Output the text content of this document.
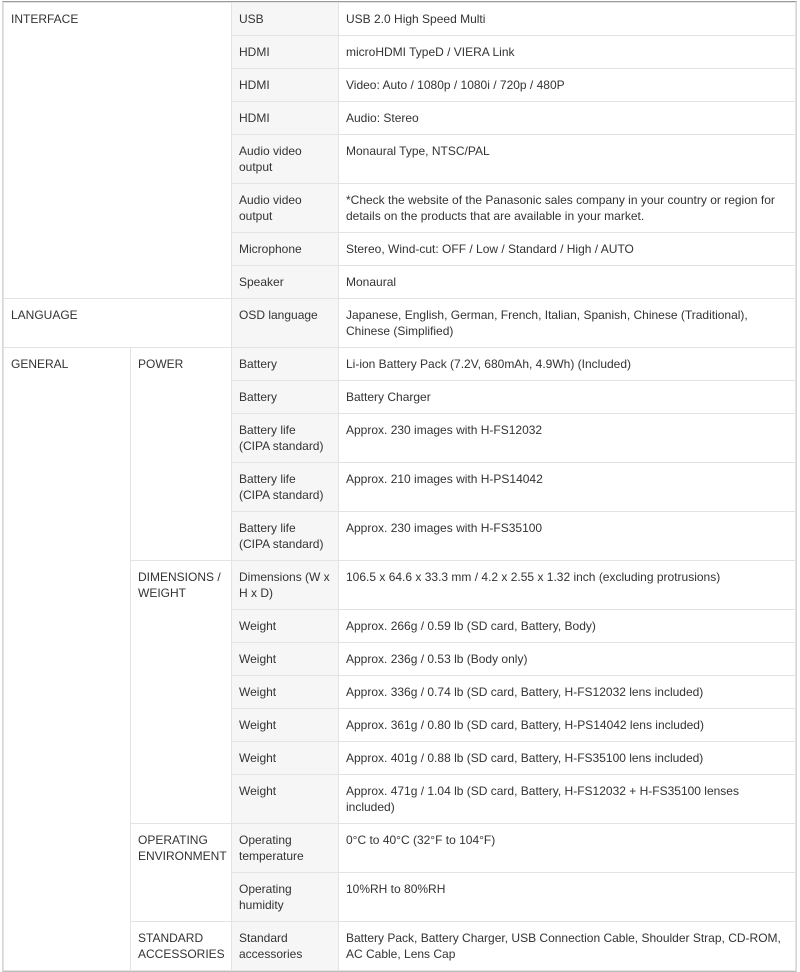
INTERFACE		USB	USB 2.0 High Speed Multi
		HDMI	microHDMI TypeD / VIERA Link
		HDMI	Video: Auto / 1080p / 1080i / 720p / 480P
		HDMI	Audio: Stereo
		Audio video output	Monaural Type, NTSC/PAL
		Audio video output	*Check the website of the Panasonic sales company in your country or region for details on the products that are available in your market.
		Microphone	Stereo, Wind-cut: OFF / Low / Standard / High / AUTO
		Speaker	Monaural
LANGUAGE		OSD language	Japanese, English, German, French, Italian, Spanish, Chinese (Traditional), Chinese (Simplified)
GENERAL	POWER	Battery	Li-ion Battery Pack (7.2V, 680mAh, 4.9Wh) (Included)
		Battery	Battery Charger
		Battery life (CIPA standard)	Approx. 230 images with H-FS12032
		Battery life (CIPA standard)	Approx. 210 images with H-PS14042
		Battery life (CIPA standard)	Approx. 230 images with H-FS35100
	DIMENSIONS / WEIGHT	Dimensions (W x H x D)	106.5 x 64.6 x 33.3 mm / 4.2 x 2.55 x 1.32 inch (excluding protrusions)
		Weight	Approx. 266g / 0.59 lb (SD card, Battery, Body)
		Weight	Approx. 236g / 0.53 lb (Body only)
		Weight	Approx. 336g / 0.74 lb (SD card, Battery, H-FS12032 lens included)
		Weight	Approx. 361g / 0.80 lb (SD card, Battery, H-PS14042 lens included)
		Weight	Approx. 401g / 0.88 lb (SD card, Battery, H-FS35100 lens included)
		Weight	Approx. 471g / 1.04 lb (SD card, Battery, H-FS12032 + H-FS35100 lenses included)
	OPERATING ENVIRONMENT	Operating temperature	0°C to 40°C (32°F to 104°F)
		Operating humidity	10%RH to 80%RH
	STANDARD ACCESSORIES	Standard accessories	Battery Pack, Battery Charger, USB Connection Cable, Shoulder Strap, CD-ROM, AC Cable, Lens Cap
